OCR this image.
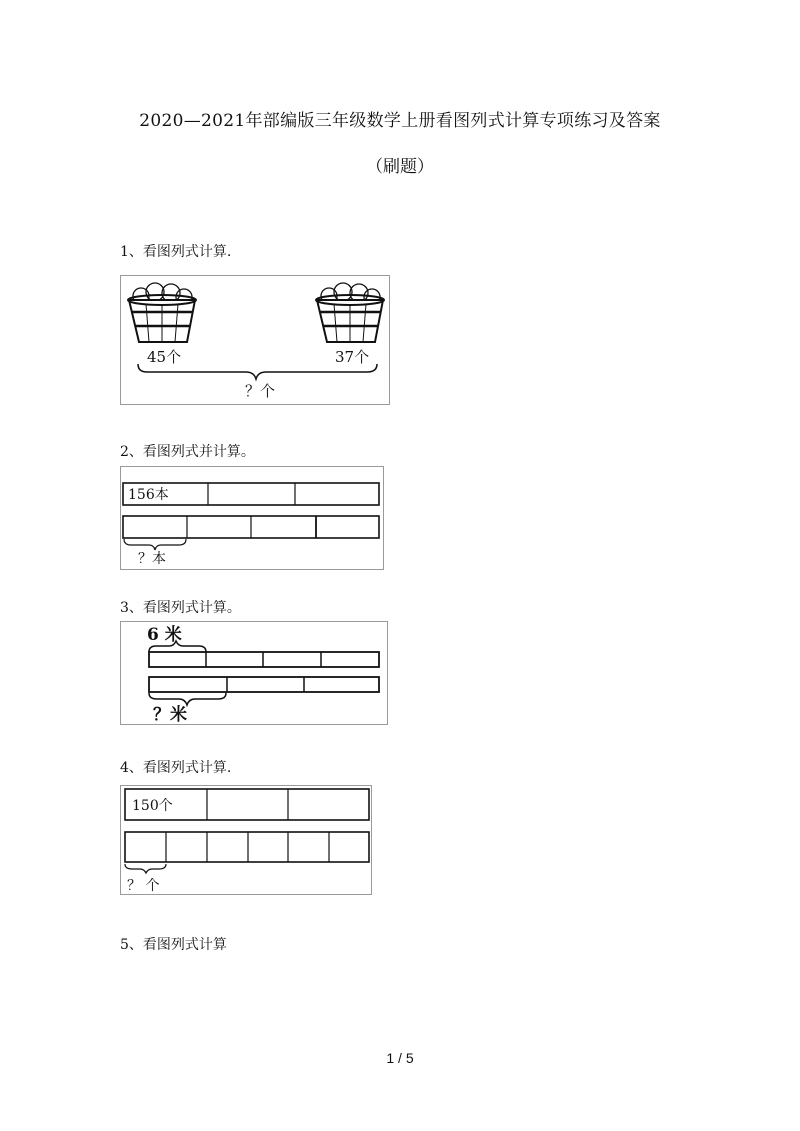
2020—2021年部编版三年级数学上册看图列式计算专项练习及答案
（刷题）
1、看图列式计算.
45个	37个
？个
2、看图列式并计算。
156本
？本
3、看图列式计算。
6 米
？米
4、看图列式计算.
150个
？ 个
5、看图列式计算
1 / 5
